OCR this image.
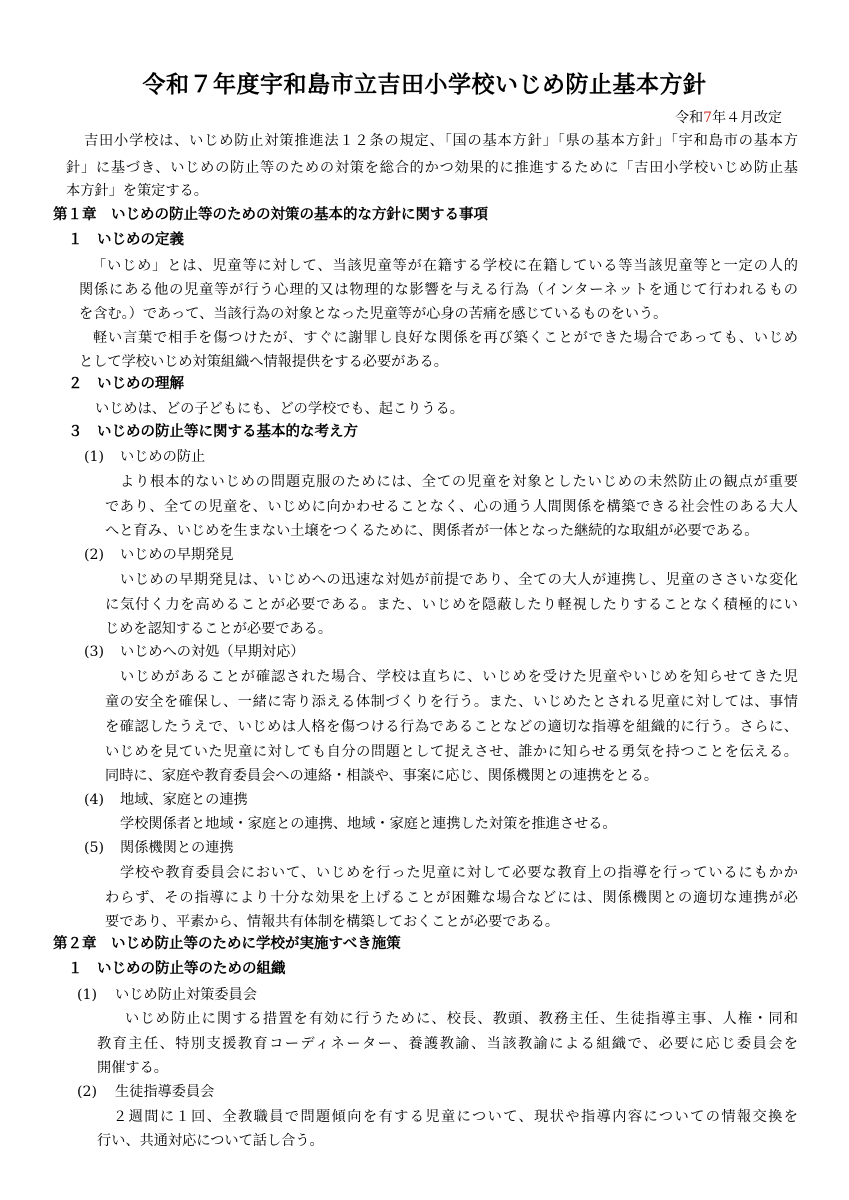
令和７年度宇和島市立吉田小学校いじめ防止基本方針
令和7年４月改定
吉田小学校は、いじめ防止対策推進法１２条の規定、「国の基本方針」「県の基本方針」「宇和島市の基本方
針」に基づき、いじめの防止等のための対策を総合的かつ効果的に推進するために「吉田小学校いじめ防止基
本方針」を策定する。
第１章　いじめの防止等のための対策の基本的な方針に関する事項
１　いじめの定義
「いじめ」とは、児童等に対して、当該児童等が在籍する学校に在籍している等当該児童等と一定の人的
関係にある他の児童等が行う心理的又は物理的な影響を与える行為（インターネットを通じて行われるもの
を含む。）であって、当該行為の対象となった児童等が心身の苦痛を感じているものをいう。
軽い言葉で相手を傷つけたが、すぐに謝罪し良好な関係を再び築くことができた場合であっても、いじめ
として学校いじめ対策組織へ情報提供をする必要がある。
２　いじめの理解
いじめは、どの子どもにも、どの学校でも、起こりうる。
３　いじめの防止等に関する基本的な考え方
(1) いじめの防止
より根本的ないじめの問題克服のためには、全ての児童を対象としたいじめの未然防止の観点が重要
であり、全ての児童を、いじめに向かわせることなく、心の通う人間関係を構築できる社会性のある大人
へと育み、いじめを生まない土壌をつくるために、関係者が一体となった継続的な取組が必要である。
(2) いじめの早期発見
いじめの早期発見は、いじめへの迅速な対処が前提であり、全ての大人が連携し、児童のささいな変化
に気付く力を高めることが必要である。また、いじめを隠蔽したり軽視したりすることなく積極的にい
じめを認知することが必要である。
(3) いじめへの対処（早期対応）
いじめがあることが確認された場合、学校は直ちに、いじめを受けた児童やいじめを知らせてきた児
童の安全を確保し、一緒に寄り添える体制づくりを行う。また、いじめたとされる児童に対しては、事情
を確認したうえで、いじめは人格を傷つける行為であることなどの適切な指導を組織的に行う。さらに、
いじめを見ていた児童に対しても自分の問題として捉えさせ、誰かに知らせる勇気を持つことを伝える。
同時に、家庭や教育委員会への連絡・相談や、事案に応じ、関係機関との連携をとる。
(4) 地域、家庭との連携
学校関係者と地域・家庭との連携、地域・家庭と連携した対策を推進させる。
(5) 関係機関との連携
学校や教育委員会において、いじめを行った児童に対して必要な教育上の指導を行っているにもかか
わらず、その指導により十分な効果を上げることが困難な場合などには、関係機関との適切な連携が必
要であり、平素から、情報共有体制を構築しておくことが必要である。
第２章　いじめ防止等のために学校が実施すべき施策
１　いじめの防止等のための組織
(1) いじめ防止対策委員会
いじめ防止に関する措置を有効に行うために、校長、教頭、教務主任、生徒指導主事、人権・同和
教育主任、特別支援教育コーディネーター、養護教諭、当該教諭による組織で、必要に応じ委員会を
開催する。
(2) 生徒指導委員会
２週間に１回、全教職員で問題傾向を有する児童について、現状や指導内容についての情報交換を
行い、共通対応について話し合う。
